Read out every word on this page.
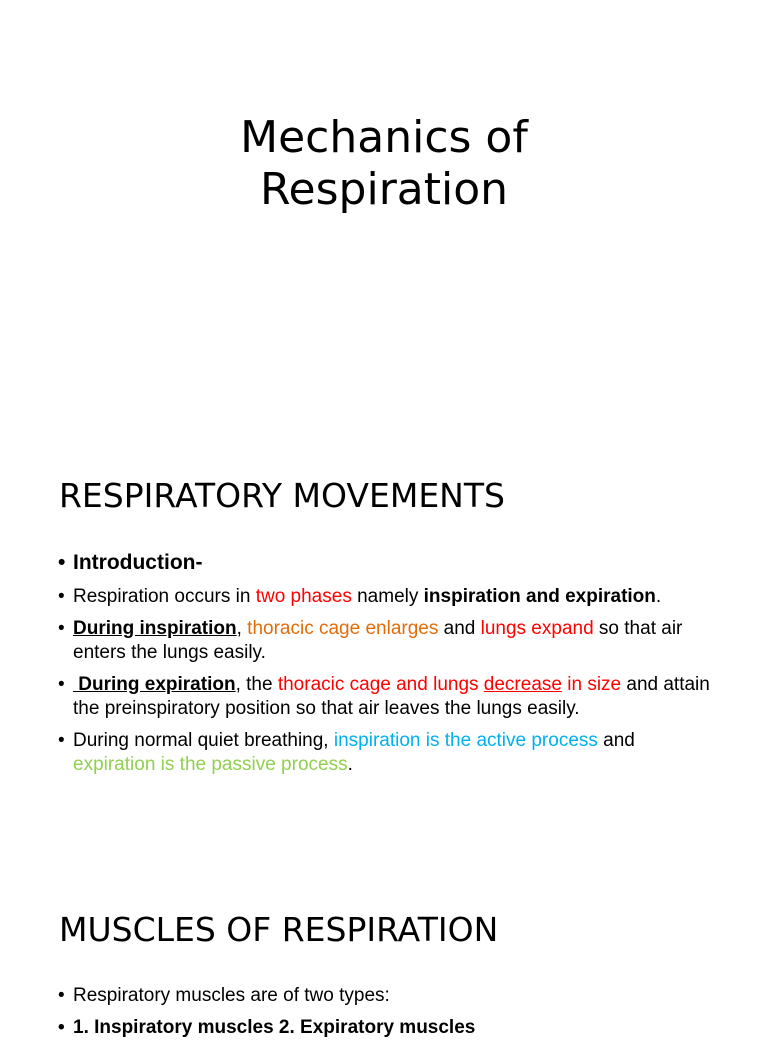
Mechanics of
Respiration
RESPIRATORY MOVEMENTS
• Introduction-
• Respiration occurs in two phases namely inspiration and expiration.
• During inspiration, thoracic cage enlarges and lungs expand so that air enters the lungs easily.
• During expiration, the thoracic cage and lungs decrease in size and attain the preinspiratory position so that air leaves the lungs easily.
• During normal quiet breathing, inspiration is the active process and expiration is the passive process.
MUSCLES OF RESPIRATION
• Respiratory muscles are of two types:
• 1. Inspiratory muscles 2. Expiratory muscles
